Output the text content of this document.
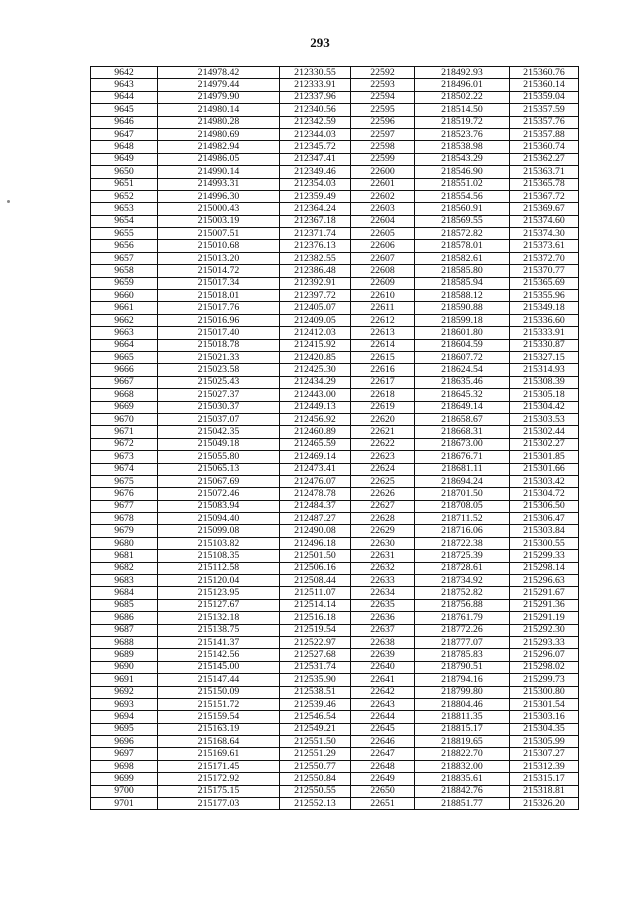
293
9642	214978.42	212330.55	22592	218492.93	215360.76
9643	214979.44	212333.91	22593	218496.01	215360.14
9644	214979.90	212337.96	22594	218502.22	215359.04
9645	214980.14	212340.56	22595	218514.50	215357.59
9646	214980.28	212342.59	22596	218519.72	215357.76
9647	214980.69	212344.03	22597	218523.76	215357.88
9648	214982.94	212345.72	22598	218538.98	215360.74
9649	214986.05	212347.41	22599	218543.29	215362.27
9650	214990.14	212349.46	22600	218546.90	215363.71
9651	214993.31	212354.03	22601	218551.02	215365.78
9652	214996.30	212359.49	22602	218554.56	215367.72
9653	215000.43	212364.24	22603	218560.91	215369.67
9654	215003.19	212367.18	22604	218569.55	215374.60
9655	215007.51	212371.74	22605	218572.82	215374.30
9656	215010.68	212376.13	22606	218578.01	215373.61
9657	215013.20	212382.55	22607	218582.61	215372.70
9658	215014.72	212386.48	22608	218585.80	215370.77
9659	215017.34	212392.91	22609	218585.94	215365.69
9660	215018.01	212397.72	22610	218588.12	215355.96
9661	215017.76	212405.07	22611	218590.88	215349.18
9662	215016.96	212409.05	22612	218599.18	215336.60
9663	215017.40	212412.03	22613	218601.80	215333.91
9664	215018.78	212415.92	22614	218604.59	215330.87
9665	215021.33	212420.85	22615	218607.72	215327.15
9666	215023.58	212425.30	22616	218624.54	215314.93
9667	215025.43	212434.29	22617	218635.46	215308.39
9668	215027.37	212443.00	22618	218645.32	215305.18
9669	215030.37	212449.13	22619	218649.14	215304.42
9670	215037.07	212456.92	22620	218658.67	215303.53
9671	215042.35	212460.89	22621	218668.31	215302.44
9672	215049.18	212465.59	22622	218673.00	215302.27
9673	215055.80	212469.14	22623	218676.71	215301.85
9674	215065.13	212473.41	22624	218681.11	215301.66
9675	215067.69	212476.07	22625	218694.24	215303.42
9676	215072.46	212478.78	22626	218701.50	215304.72
9677	215083.94	212484.37	22627	218708.05	215306.50
9678	215094.40	212487.27	22628	218711.52	215306.47
9679	215099.08	212490.08	22629	218716.06	215303.84
9680	215103.82	212496.18	22630	218722.38	215300.55
9681	215108.35	212501.50	22631	218725.39	215299.33
9682	215112.58	212506.16	22632	218728.61	215298.14
9683	215120.04	212508.44	22633	218734.92	215296.63
9684	215123.95	212511.07	22634	218752.82	215291.67
9685	215127.67	212514.14	22635	218756.88	215291.36
9686	215132.18	212516.18	22636	218761.79	215291.19
9687	215138.75	212519.54	22637	218772.26	215292.30
9688	215141.37	212522.97	22638	218777.07	215293.33
9689	215142.56	212527.68	22639	218785.83	215296.07
9690	215145.00	212531.74	22640	218790.51	215298.02
9691	215147.44	212535.90	22641	218794.16	215299.73
9692	215150.09	212538.51	22642	218799.80	215300.80
9693	215151.72	212539.46	22643	218804.46	215301.54
9694	215159.54	212546.54	22644	218811.35	215303.16
9695	215163.19	212549.21	22645	218815.17	215304.35
9696	215168.64	212551.50	22646	218819.65	215305.99
9697	215169.61	212551.29	22647	218822.70	215307.27
9698	215171.45	212550.77	22648	218832.00	215312.39
9699	215172.92	212550.84	22649	218835.61	215315.17
9700	215175.15	212550.55	22650	218842.76	215318.81
9701	215177.03	212552.13	22651	218851.77	215326.20
